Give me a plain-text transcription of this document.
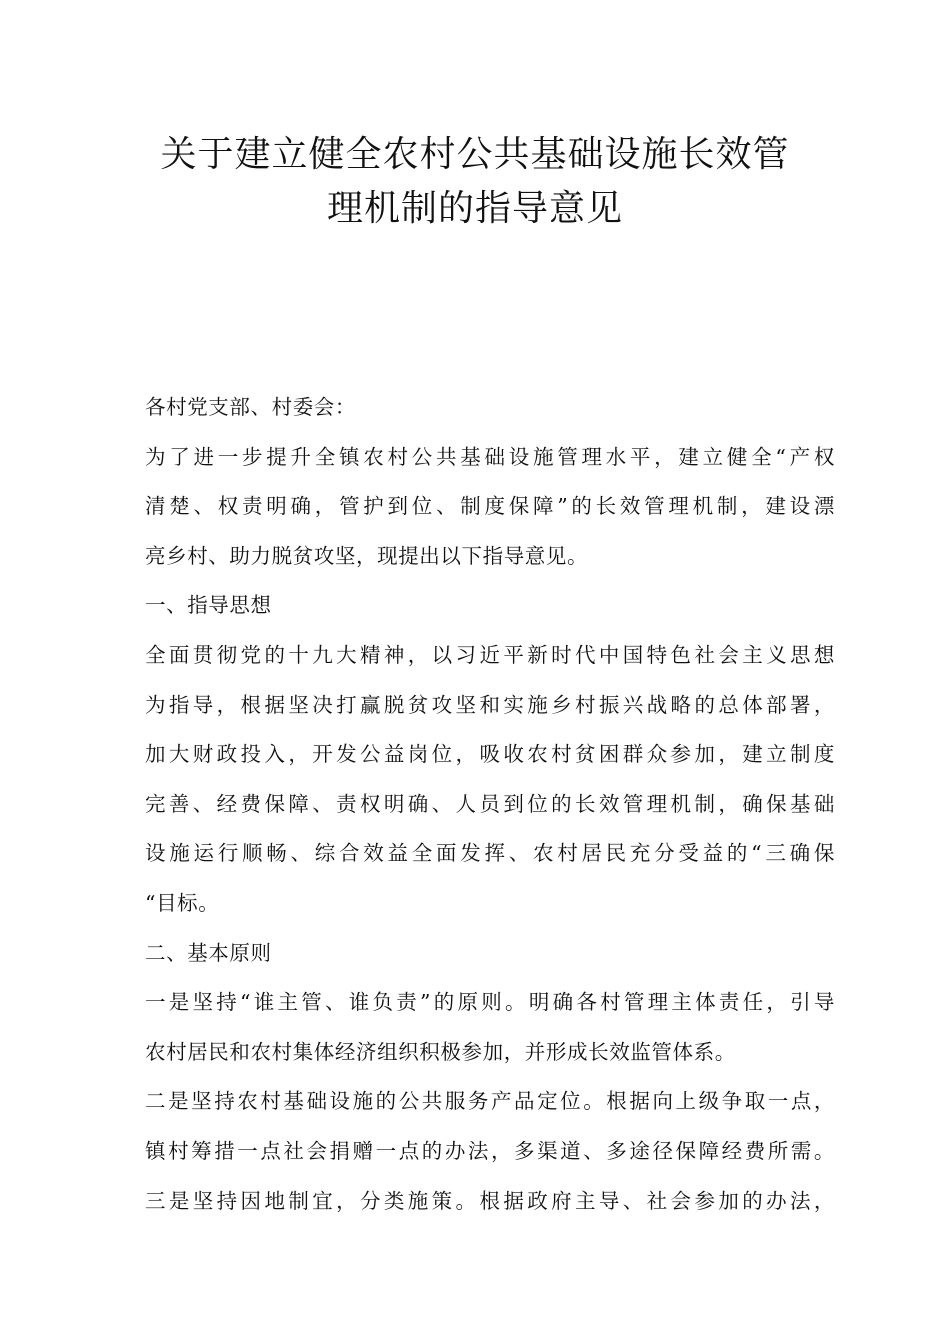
关于建立健全农村公共基础设施长效管
理机制的指导意见
各村党支部、村委会：
为了进一步提升全镇农村公共基础设施管理水平，建立健全“产权
清楚、权责明确，管护到位、制度保障”的长效管理机制，建设漂
亮乡村、助力脱贫攻坚，现提出以下指导意见。
一、指导思想
全面贯彻党的十九大精神，以习近平新时代中国特色社会主义思想
为指导，根据坚决打赢脱贫攻坚和实施乡村振兴战略的总体部署，
加大财政投入，开发公益岗位，吸收农村贫困群众参加，建立制度
完善、经费保障、责权明确、人员到位的长效管理机制，确保基础
设施运行顺畅、综合效益全面发挥、农村居民充分受益的“三确保
“目标。
二、基本原则
一是坚持“谁主管、谁负责”的原则。明确各村管理主体责任，引导
农村居民和农村集体经济组织积极参加，并形成长效监管体系。
二是坚持农村基础设施的公共服务产品定位。根据向上级争取一点，
镇村筹措一点社会捐赠一点的办法，多渠道、多途径保障经费所需。
三是坚持因地制宜，分类施策。根据政府主导、社会参加的办法，
